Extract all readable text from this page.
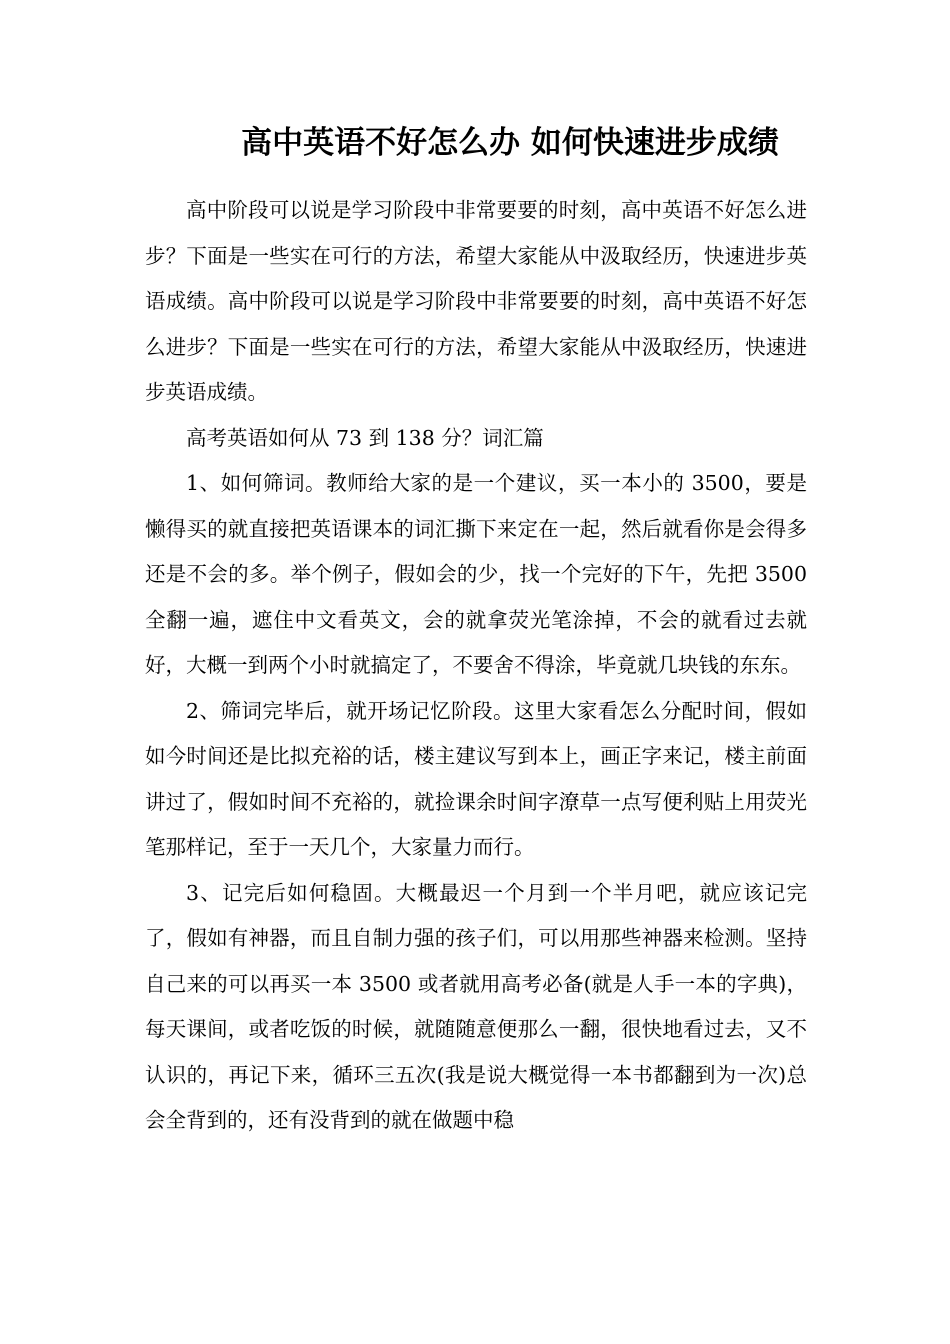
高中英语不好怎么办 如何快速进步成绩

高中阶段可以说是学习阶段中非常要要的时刻，高中英语不好怎么进步？下面是一些实在可行的方法，希望大家能从中汲取经历，快速进步英语成绩。高中阶段可以说是学习阶段中非常要要的时刻，高中英语不好怎么进步？下面是一些实在可行的方法，希望大家能从中汲取经历，快速进步英语成绩。

高考英语如何从 73 到 138 分？词汇篇

1、如何筛词。教师给大家的是一个建议，买一本小的 3500，要是懒得买的就直接把英语课本的词汇撕下来定在一起，然后就看你是会得多还是不会的多。举个例子，假如会的少，找一个完好的下午，先把 3500 全翻一遍，遮住中文看英文，会的就拿荧光笔涂掉，不会的就看过去就好，大概一到两个小时就搞定了，不要舍不得涂，毕竟就几块钱的东东。

2、筛词完毕后，就开场记忆阶段。这里大家看怎么分配时间，假如如今时间还是比拟充裕的话，楼主建议写到本上，画正字来记，楼主前面讲过了，假如时间不充裕的，就捡课余时间字潦草一点写便利贴上用荧光笔那样记，至于一天几个，大家量力而行。

3、记完后如何稳固。大概最迟一个月到一个半月吧，就应该记完了，假如有神器，而且自制力强的孩子们，可以用那些神器来检测。坚持自己来的可以再买一本 3500 或者就用高考必备(就是人手一本的字典)，每天课间，或者吃饭的时候，就随随意便那么一翻，很快地看过去，又不认识的，再记下来，循环三五次(我是说大概觉得一本书都翻到为一次)总会全背到的，还有没背到的就在做题中稳
